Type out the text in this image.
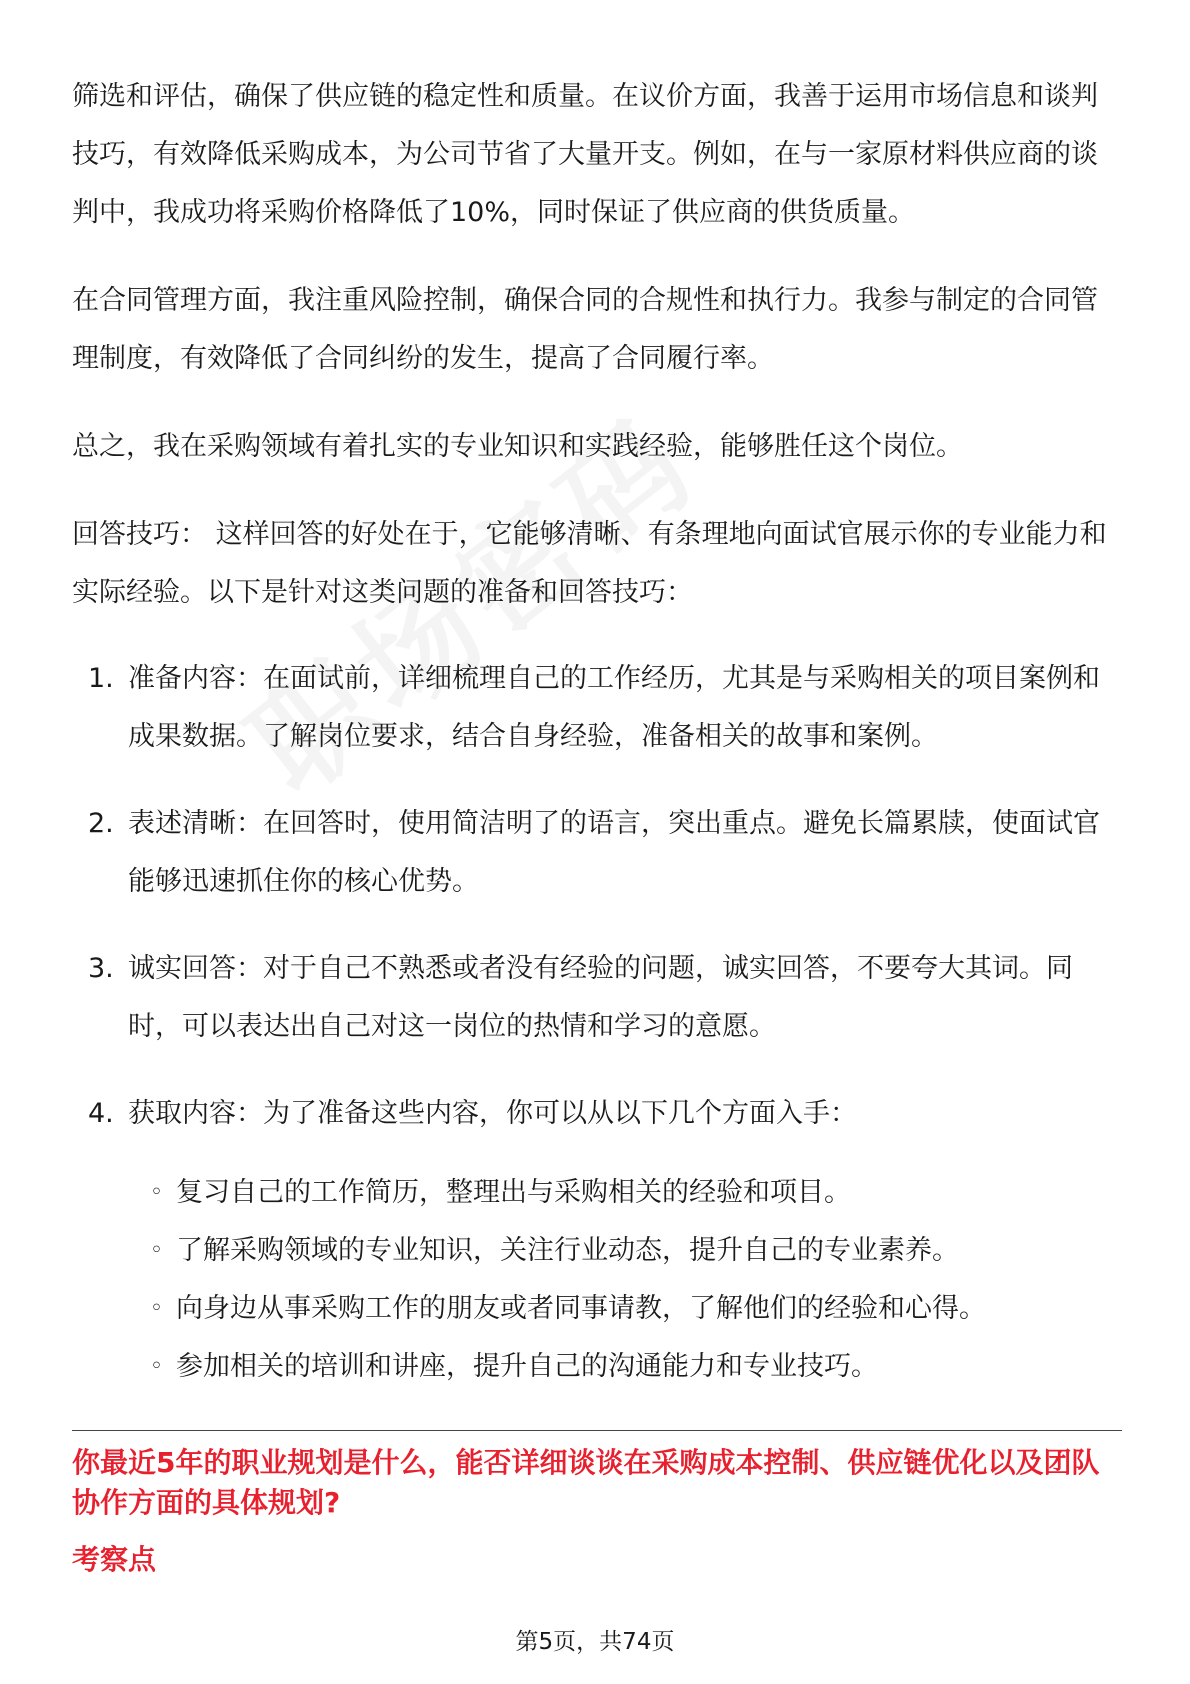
筛选和评估，确保了供应链的稳定性和质量。在议价方面，我善于运用市场信息和谈判技巧，有效降低采购成本，为公司节省了大量开支。例如，在与一家原材料供应商的谈判中，我成功将采购价格降低了10%，同时保证了供应商的供货质量。

在合同管理方面，我注重风险控制，确保合同的合规性和执行力。我参与制定的合同管理制度，有效降低了合同纠纷的发生，提高了合同履行率。

总之，我在采购领域有着扎实的专业知识和实践经验，能够胜任这个岗位。

回答技巧： 这样回答的好处在于，它能够清晰、有条理地向面试官展示你的专业能力和实际经验。以下是针对这类问题的准备和回答技巧：

1. 准备内容：在面试前，详细梳理自己的工作经历，尤其是与采购相关的项目案例和成果数据。了解岗位要求，结合自身经验，准备相关的故事和案例。
2. 表述清晰：在回答时，使用简洁明了的语言，突出重点。避免长篇累牍，使面试官能够迅速抓住你的核心优势。
3. 诚实回答：对于自己不熟悉或者没有经验的问题，诚实回答，不要夸大其词。同时，可以表达出自己对这一岗位的热情和学习的意愿。
4. 获取内容：为了准备这些内容，你可以从以下几个方面入手：
◦ 复习自己的工作简历，整理出与采购相关的经验和项目。
◦ 了解采购领域的专业知识，关注行业动态，提升自己的专业素养。
◦ 向身边从事采购工作的朋友或者同事请教，了解他们的经验和心得。
◦ 参加相关的培训和讲座，提升自己的沟通能力和专业技巧。
你最近5年的职业规划是什么，能否详细谈谈在采购成本控制、供应链优化以及团队协作方面的具体规划?
考察点
第5页，共74页
